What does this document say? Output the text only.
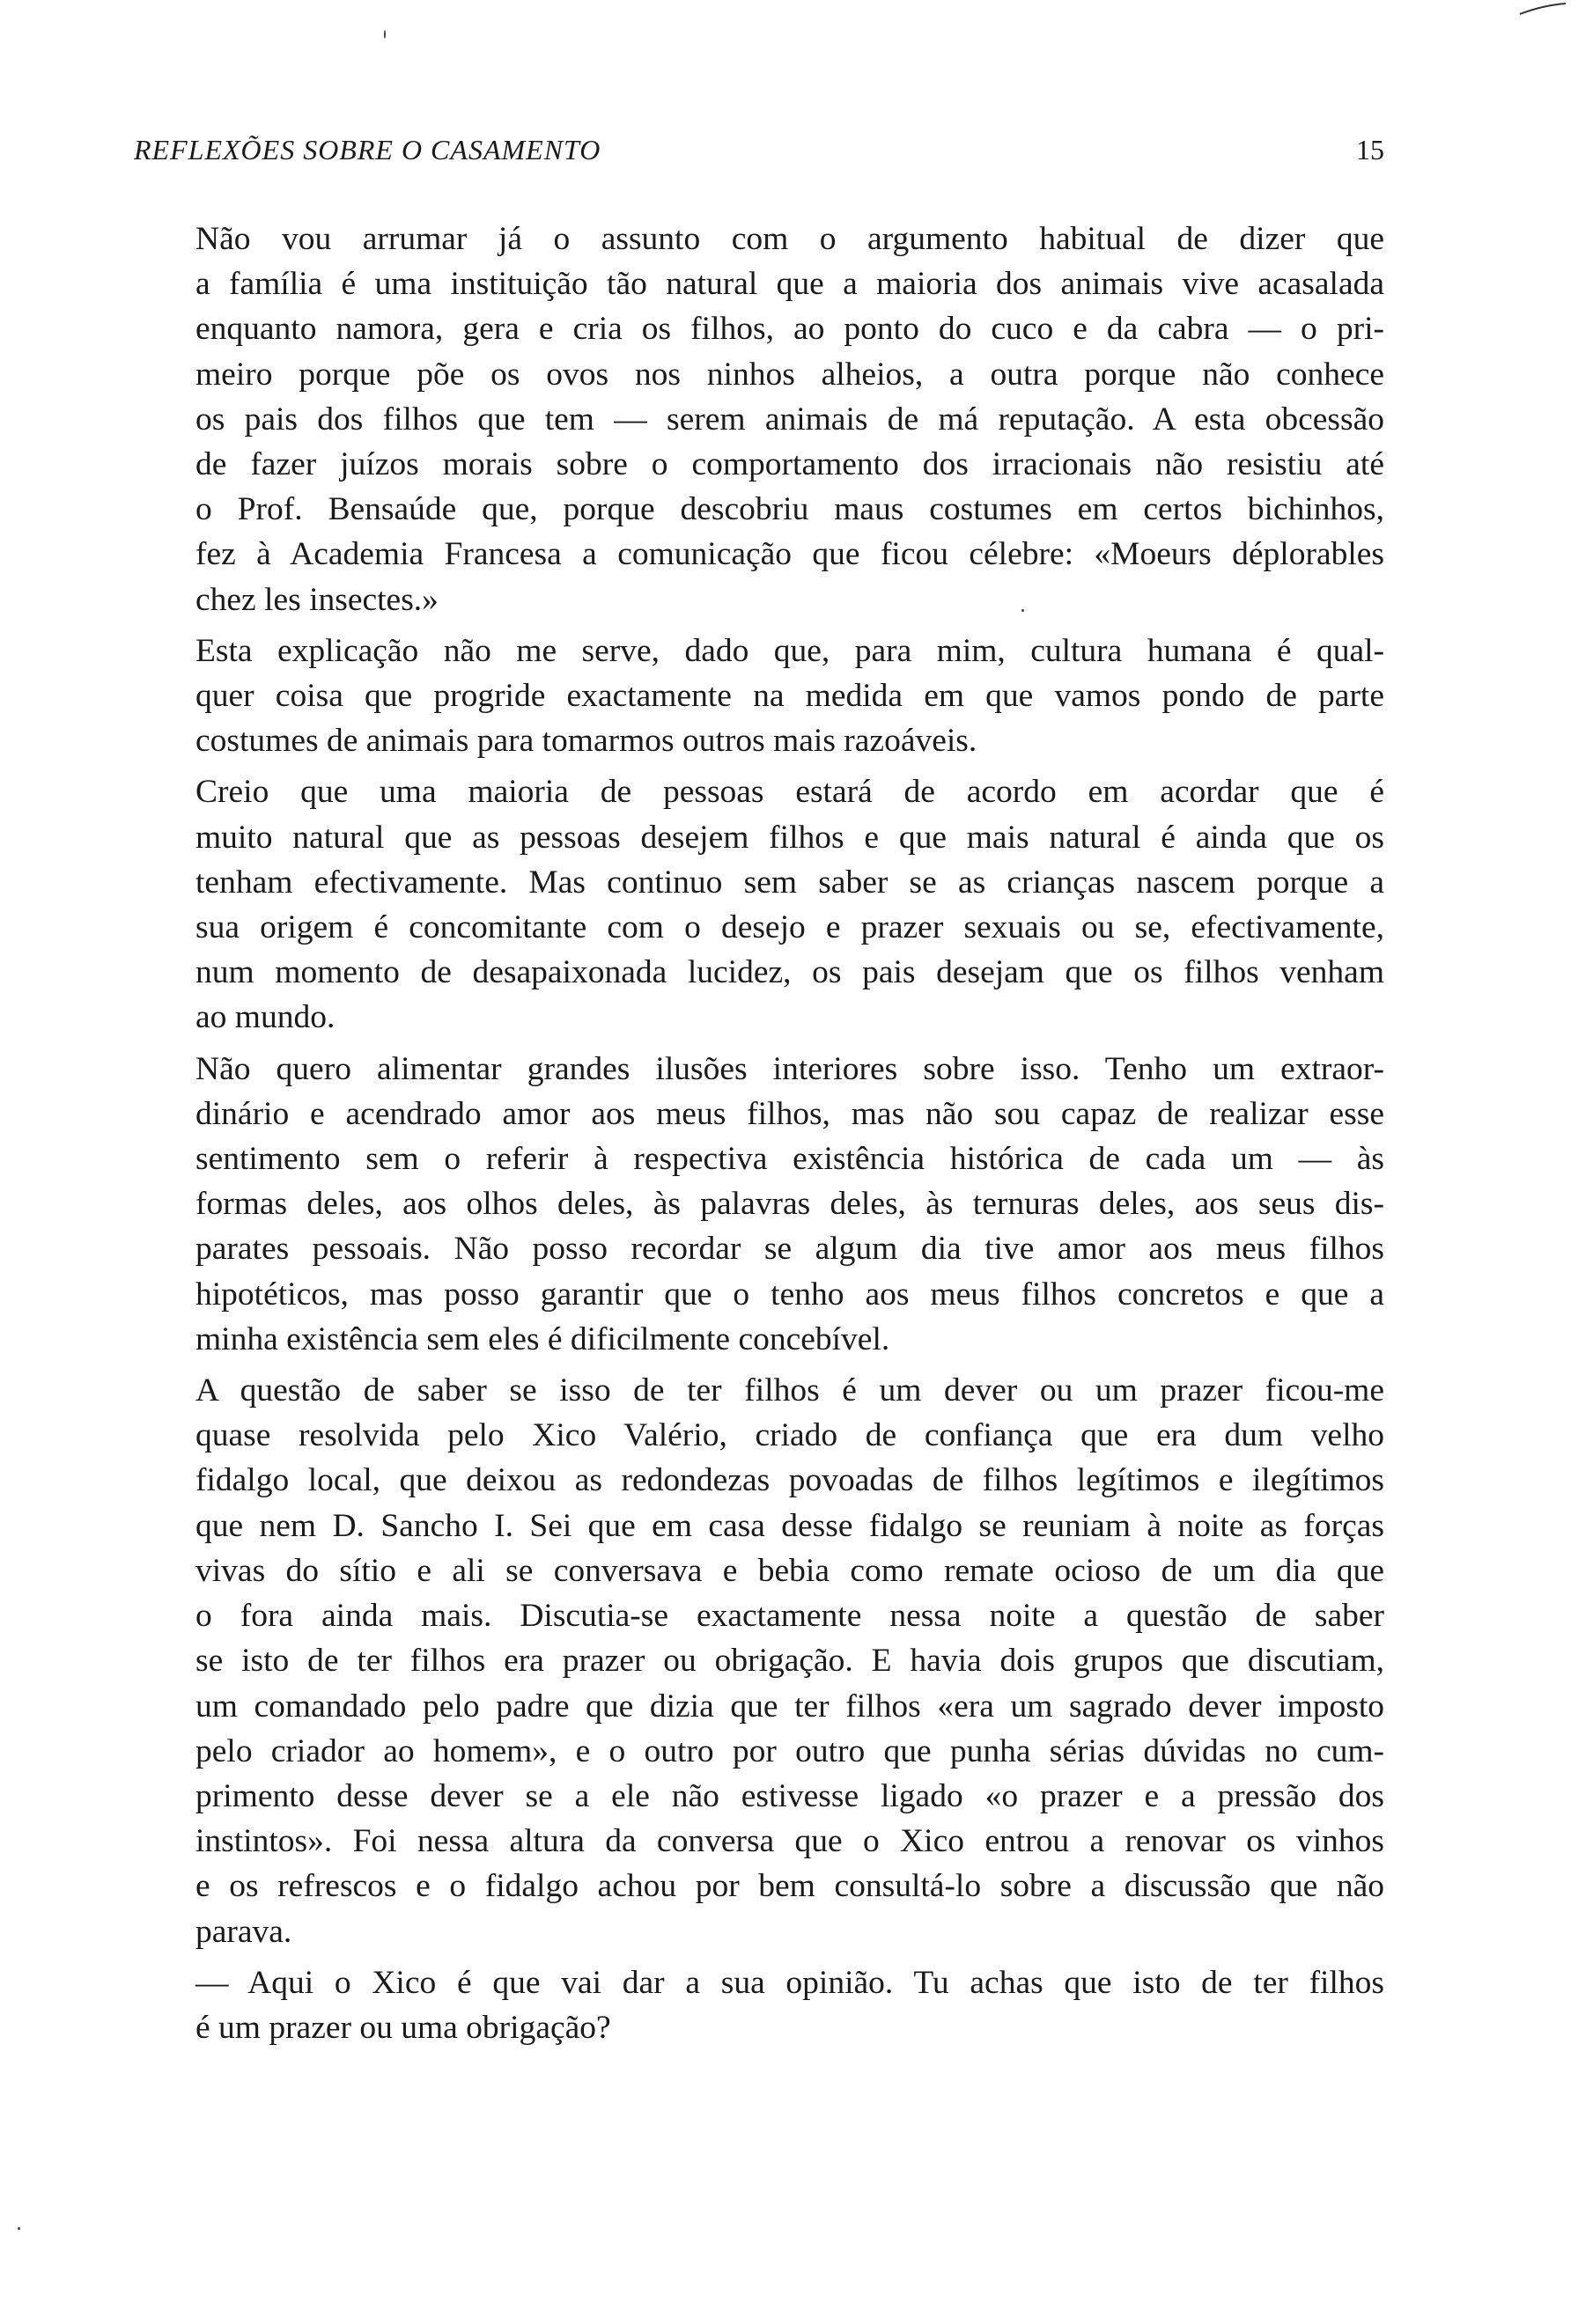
REFLEXÕES SOBRE O CASAMENTO	15

Não vou arrumar já o assunto com o argumento habitual de dizer que
a família é uma instituição tão natural que a maioria dos animais vive acasalada
enquanto namora, gera e cria os filhos, ao ponto do cuco e da cabra — o pri-
meiro porque põe os ovos nos ninhos alheios, a outra porque não conhece
os pais dos filhos que tem — serem animais de má reputação. A esta obcessão
de fazer juízos morais sobre o comportamento dos irracionais não resistiu até
o Prof. Bensaúde que, porque descobriu maus costumes em certos bichinhos,
fez à Academia Francesa a comunicação que ficou célebre: «Moeurs déplorables
chez les insectes.»

Esta explicação não me serve, dado que, para mim, cultura humana é qual-
quer coisa que progride exactamente na medida em que vamos pondo de parte
costumes de animais para tomarmos outros mais razoáveis.

Creio que uma maioria de pessoas estará de acordo em acordar que é
muito natural que as pessoas desejem filhos e que mais natural é ainda que os
tenham efectivamente. Mas continuo sem saber se as crianças nascem porque a
sua origem é concomitante com o desejo e prazer sexuais ou se, efectivamente,
num momento de desapaixonada lucidez, os pais desejam que os filhos venham
ao mundo.

Não quero alimentar grandes ilusões interiores sobre isso. Tenho um extraor-
dinário e acendrado amor aos meus filhos, mas não sou capaz de realizar esse
sentimento sem o referir à respectiva existência histórica de cada um — às
formas deles, aos olhos deles, às palavras deles, às ternuras deles, aos seus dis-
parates pessoais. Não posso recordar se algum dia tive amor aos meus filhos
hipotéticos, mas posso garantir que o tenho aos meus filhos concretos e que a
minha existência sem eles é dificilmente concebível.

A questão de saber se isso de ter filhos é um dever ou um prazer ficou-me
quase resolvida pelo Xico Valério, criado de confiança que era dum velho
fidalgo local, que deixou as redondezas povoadas de filhos legítimos e ilegítimos
que nem D. Sancho I. Sei que em casa desse fidalgo se reuniam à noite as forças
vivas do sítio e ali se conversava e bebia como remate ocioso de um dia que
o fora ainda mais. Discutia-se exactamente nessa noite a questão de saber
se isto de ter filhos era prazer ou obrigação. E havia dois grupos que discutiam,
um comandado pelo padre que dizia que ter filhos «era um sagrado dever imposto
pelo criador ao homem», e o outro por outro que punha sérias dúvidas no cum-
primento desse dever se a ele não estivesse ligado «o prazer e a pressão dos
instintos». Foi nessa altura da conversa que o Xico entrou a renovar os vinhos
e os refrescos e o fidalgo achou por bem consultá-lo sobre a discussão que não
parava.

— Aqui o Xico é que vai dar a sua opinião. Tu achas que isto de ter filhos
é um prazer ou uma obrigação?
